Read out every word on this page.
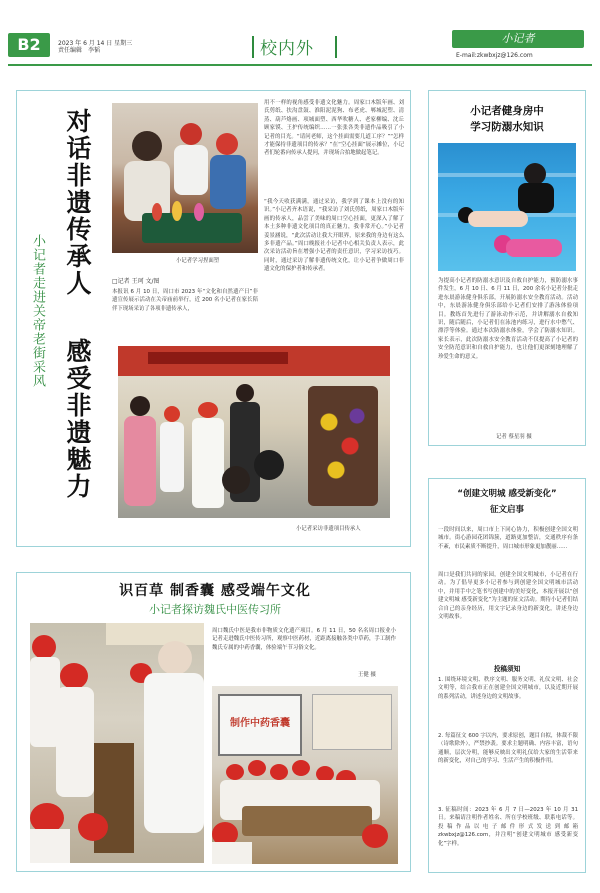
B2	2023 年 6 月 14 日 星期三
责任编辑　李韬	校内外
小记者
E-mail:zkwbxjz@126.com
小记者走进关帝老街采风
对话非遗传承人
感受非遗魅力
小记者学习捏面塑
用不一样的视角感受非遗文化魅力。周家口木版年画、刘氏剪纸、扶沟盘鼓、淮阳泥泥狗、布老虎、郸城泥塑、清蒸、葫芦烙画、项城面塑、西华吹糖人、老家柳编、沈丘顾家馍、王护传统编织……一张张各类非遗作品吸引了小记者的目光。“请问老师，这个挂面需要几道工序？”“怎样才能保持非遗项目的传承？”在“空心挂面”展示摊位，小记者们轮番向传承人提问，并现场合拍地做起笔记。
“我今天收获满满，通过采访，我学到了课本上没有的知识。”小记者齐木语说，“我采访了刘氏剪纸，周家口木版年画的传承人，品尝了美味的周口空心挂面，更深入了解了本土多种非遗文化项目的真正魅力，我非常开心。”小记者姜景涵说，“此次活动让我大开眼界，原来我的身边有这么多非遗产品。”周口晚报社小记者中心相关负责人表示，此次采访活动旨在增强小记者的责任意识，学习采访技巧。同时，通过采访了解非遗传统文化，让小记者争做周口非遗文化的保护者和传承者。
□记者 王珂 文/图
本报讯 6 月 10 日，周口市 2023 年“文化和自然遗产日”非遗宣传展示活动在关帝庙前举行，近 200 名小记者在家长陪伴下现场采访了各项非遗传承人，
小记者采访非遗项目传承人
识百草 制香囊 感受端午文化
小记者探访魏氏中医传习所
周口魏氏中医是我市非物质文化遗产项目。6 月 11 日，50 名名周口报业小记者走进魏氏中医传习所，观察中医药材，近距离接触各类中草药，手工制作魏氏专属的中药香囊，体验端午节习俗文化。
王健 摄
制作中药香囊
小记者健身房中
学习防溺水知识
为提高小记者的防溺水意识及自救自护能力，预防溺水事件发生，6 月 10 日、6 月 11 日，200 余名小记者分批走进东晨游泳健身俱乐部，开展防溺水安全教育活动。活动中，东晨游泳健身俱乐部给小记者们安排了游泳体验项目。教练首先进行了游泳动作示范，并讲解溺水自救知识，随后随后，小记者们在泳池内练习，进行水中憋气、漂浮等体验。通过本次防溺水体验，学会了防溺水知识。家长表示，此次防溺水安全教育活动不仅提高了小记者的安全防范意识和自救自护能力，也让他们更深刻地理解了珍爱生命的意义。
记者 蔡星羽 摄
“创建文明城 感受新变化”
征文启事
一段时间以来，周口市上下同心协力，积极创建全国文明城市。街心游园花团锦簇，道路更加整洁，交通秩序有条不紊，市民素质不断提升，周口城市形象更加靓丽……
周口是我们共同的家园，创建全国文明城市，小记者在行动。为了倡导更多小记者参与到创建全国文明城市活动中，并用手中之笔书写创建中的美好变化，本报开展以“创建文明城 感受新变化”为主题的征文活动。期待小记者们结合自己的亲身经历，用文字记录身边的新变化，讲述身边文明故事。
投稿须知
1. 围绕环境文明、秩序文明、服务文明、礼仪文明、社会文明等，结合我市正在创建全国文明城市，以及近期开展的系列活动，讲述身边的文明故事。
2. 每篇征文 600 字以内，要求原创，题目自拟，体裁不限（诗歌除外），严禁抄袭。要求主题明确、内容丰富，语句通顺，层次分明，能够反映出文明礼仪给大家的生活带来的新变化，对自己的学习、生活产生的积极作用。
3. 征稿时间：2023 年 6 月 7 日—2023 年 10 月 31 日。来稿请注明作者姓名、所在学校班级、联系电话等。投稿作品以电子邮件形式发送到邮箱 zkwbxjz@126.com，并注明“创建文明城市 感受新变化”字样。
